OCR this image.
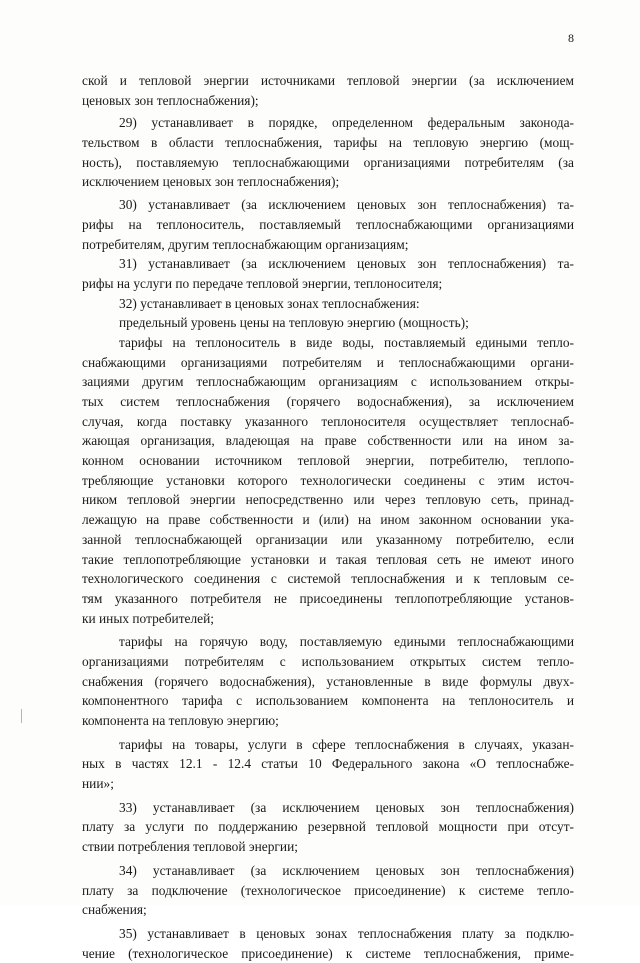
8
ской и тепловой энергии источниками тепловой энергии (за исключением
ценовых зон теплоснабжения);
29) устанавливает в порядке, определенном федеральным законода-
тельством в области теплоснабжения, тарифы на тепловую энергию (мощ-
ность), поставляемую теплоснабжающими организациями потребителям (за
исключением ценовых зон теплоснабжения);
30) устанавливает (за исключением ценовых зон теплоснабжения) та-
рифы на теплоноситель, поставляемый теплоснабжающими организациями
потребителям, другим теплоснабжающим организациям;
31) устанавливает (за исключением ценовых зон теплоснабжения) та-
рифы на услуги по передаче тепловой энергии, теплоносителя;
32) устанавливает в ценовых зонах теплоснабжения:
предельный уровень цены на тепловую энергию (мощность);
тарифы на теплоноситель в виде воды, поставляемый едиными тепло-
снабжающими организациями потребителям и теплоснабжающими органи-
зациями другим теплоснабжающим организациям с использованием откры-
тых систем теплоснабжения (горячего водоснабжения), за исключением
случая, когда поставку указанного теплоносителя осуществляет теплоснаб-
жающая организация, владеющая на праве собственности или на ином за-
конном основании источником тепловой энергии, потребителю, теплопо-
требляющие установки которого технологически соединены с этим источ-
ником тепловой энергии непосредственно или через тепловую сеть, принад-
лежащую на праве собственности и (или) на ином законном основании ука-
занной теплоснабжающей организации или указанному потребителю, если
такие теплопотребляющие установки и такая тепловая сеть не имеют иного
технологического соединения с системой теплоснабжения и к тепловым се-
тям указанного потребителя не присоединены теплопотребляющие установ-
ки иных потребителей;
тарифы на горячую воду, поставляемую едиными теплоснабжающими
организациями потребителям с использованием открытых систем тепло-
снабжения (горячего водоснабжения), установленные в виде формулы двух-
компонентного тарифа с использованием компонента на теплоноситель и
компонента на тепловую энергию;
тарифы на товары, услуги в сфере теплоснабжения в случаях, указан-
ных в частях 12.1 - 12.4 статьи 10 Федерального закона «О теплоснабже-
нии»;
33) устанавливает (за исключением ценовых зон теплоснабжения)
плату за услуги по поддержанию резервной тепловой мощности при отсут-
ствии потребления тепловой энергии;
34) устанавливает (за исключением ценовых зон теплоснабжения)
плату за подключение (технологическое присоединение) к системе тепло-
снабжения;
35) устанавливает в ценовых зонах теплоснабжения плату за подклю-
чение (технологическое присоединение) к системе теплоснабжения, приме-
